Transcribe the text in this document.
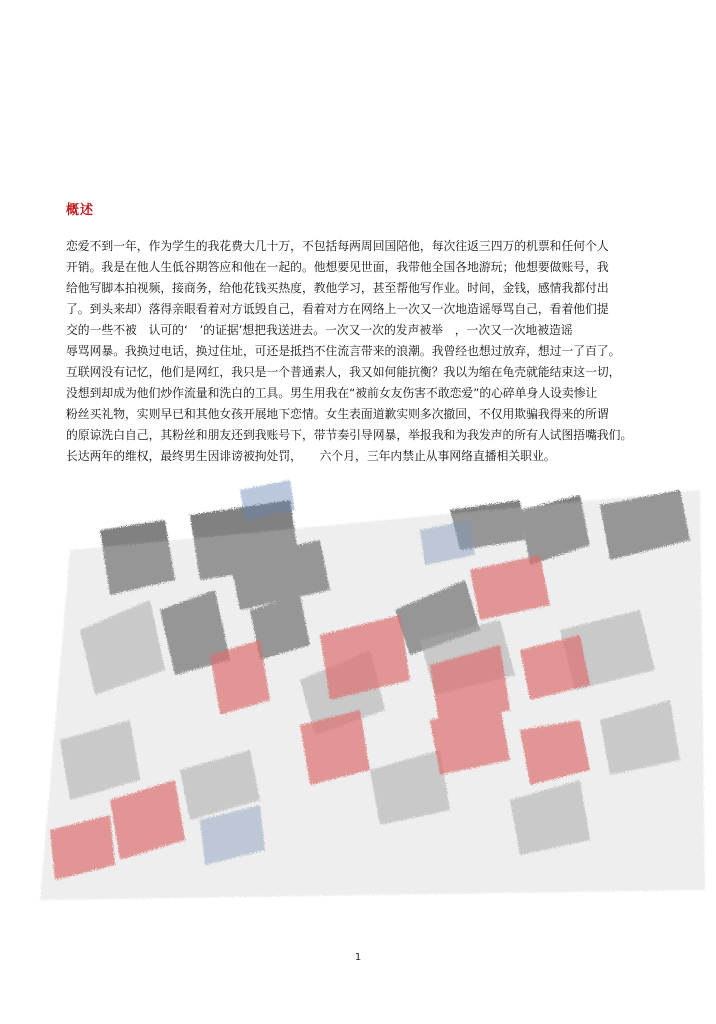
概述

恋爱不到一年，作为学生的我花费大几十万，不包括每两周回国陪他，每次往返三四万的机票和任何个人
开销。我是在他人生低谷期答应和他在一起的。他想要见世面，我带他全国各地游玩；他想要做账号，我
给他写脚本拍视频，接商务，给他花钱买热度，教他学习，甚至帮他写作业。时间，金钱，感情我都付出
了。到头来却）落得亲眼看着对方诋毁自己，看着对方在网络上一次又一次地造谣辱骂自己，看着他们提
交的一些不被　认可的‘　’的证据’想把我送进去。一次又一次的发声被举　，一次又一次地被造谣
辱骂网暴。我换过电话，换过住址，可还是抵挡不住流言带来的浪潮。我曾经也想过放弃，想过一了百了。
互联网没有记忆，他们是网红，我只是一个普通素人，我又如何能抗衡？我以为缩在龟壳就能结束这一切，
没想到却成为他们炒作流量和洗白的工具。男生用我在“被前女友伤害不敢恋爱”的心碎单身人设卖惨让
粉丝买礼物，实则早已和其他女孩开展地下恋情。女生表面道歉实则多次撤回，不仅用欺骗我得来的所谓
的原谅洗白自己，其粉丝和朋友还到我账号下，带节奏引导网暴，举报我和为我发声的所有人试图捂嘴我们。
长达两年的维权，最终男生因诽谤被拘处罚，　　六个月，三年内禁止从事网络直播相关职业。

1
